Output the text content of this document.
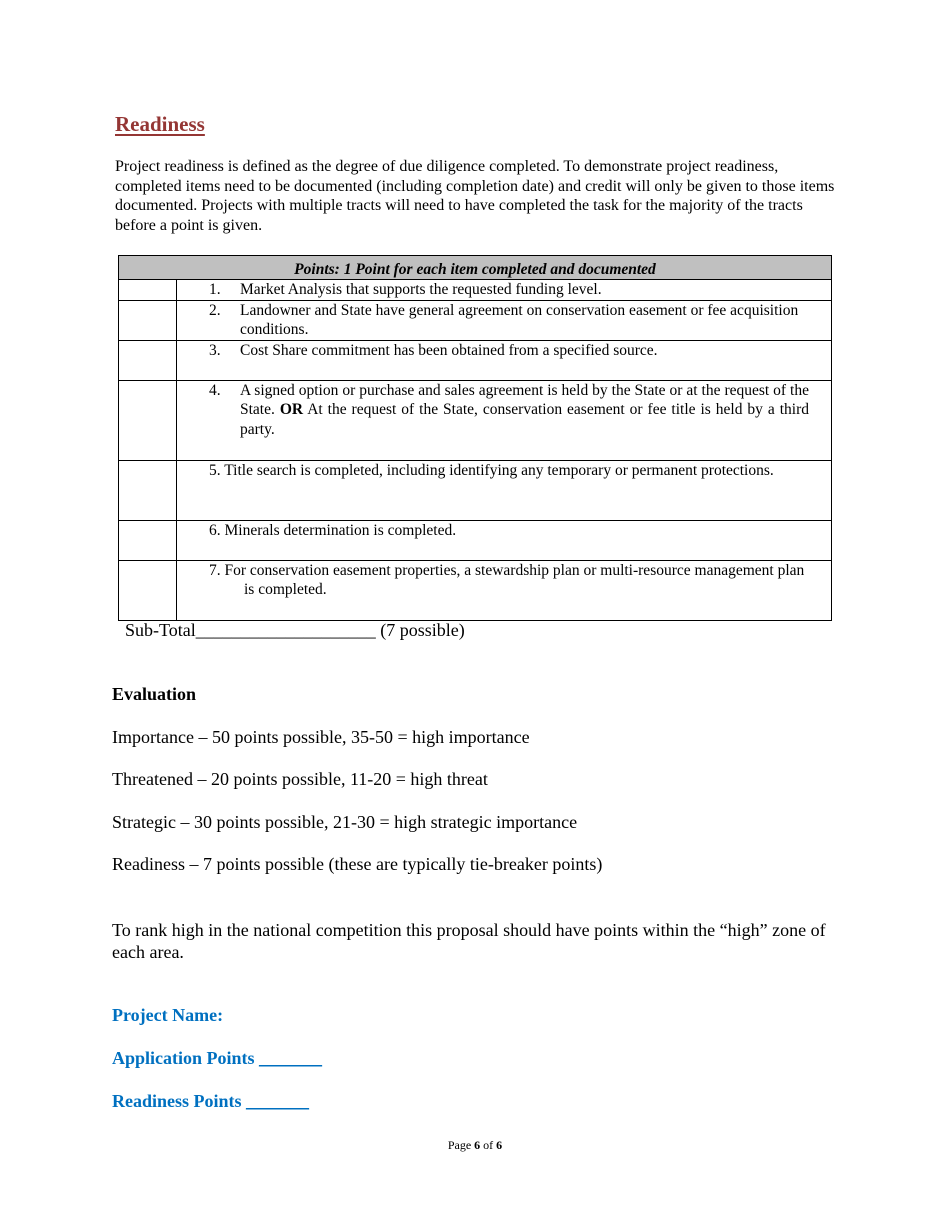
Readiness
Project readiness is defined as the degree of due diligence completed. To demonstrate project readiness, completed items need to be documented (including completion date) and credit will only be given to those items documented. Projects with multiple tracts will need to have completed the task for the majority of the tracts before a point is given.
Points: 1 Point for each item completed and documented	

	1. Market Analysis that supports the requested funding level.

	2. Landowner and State have general agreement on conservation easement or fee acquisition conditions.

	3. Cost Share commitment has been obtained from a specified source.

	4. A signed option or purchase and sales agreement is held by the State or at the request of the State. OR At the request of the State, conservation easement or fee title is held by a third party.

	5. Title search is completed, including identifying any temporary or permanent protections.

	6. Minerals determination is completed.

	7. For conservation easement properties, a stewardship plan or multi-resource management plan is completed.
Sub-Total____________________ (7 possible)
Evaluation
Importance – 50 points possible, 35-50 = high importance
Threatened – 20 points possible, 11-20 = high threat
Strategic – 30 points possible, 21-30 = high strategic importance
Readiness – 7 points possible (these are typically tie-breaker points)
To rank high in the national competition this proposal should have points within the “high” zone of each area.
Project Name:
Application Points _______
Readiness Points _______
Page 6 of 6
